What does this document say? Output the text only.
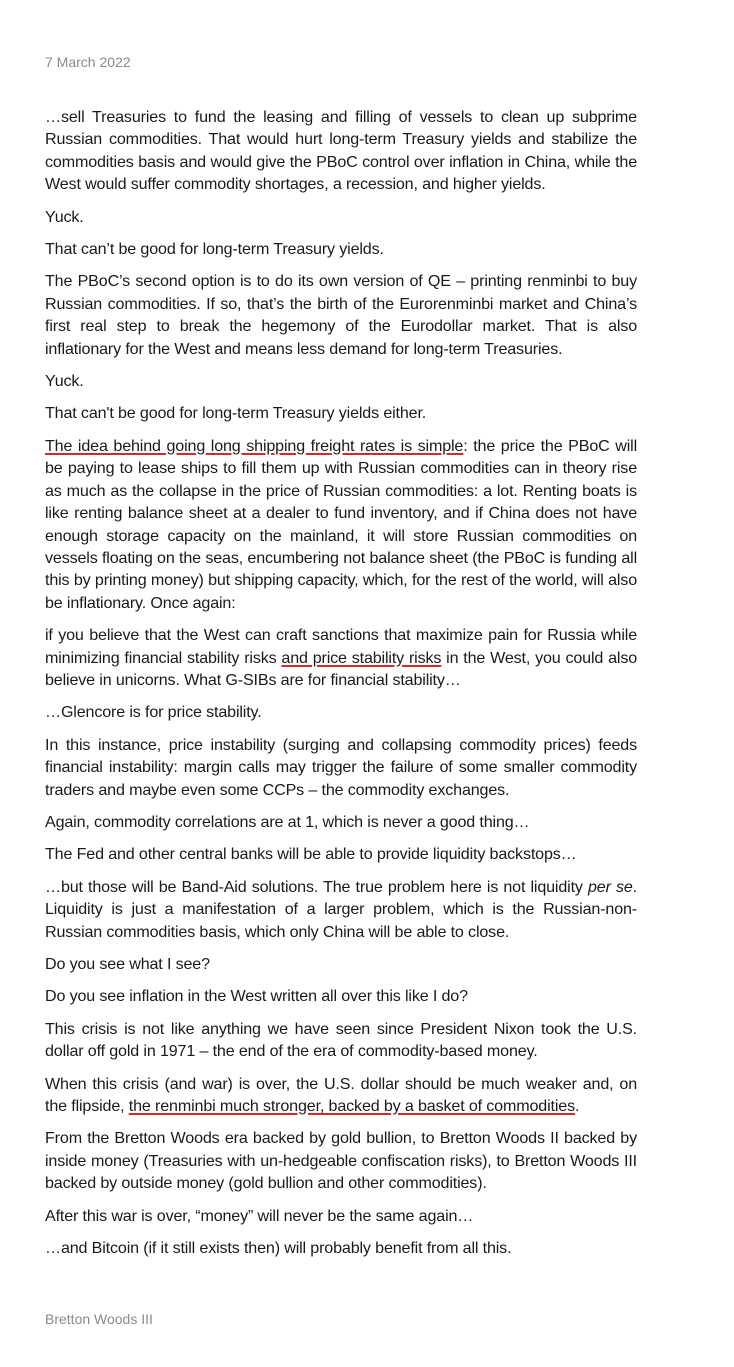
7 March 2022

…sell Treasuries to fund the leasing and filling of vessels to clean up subprime Russian commodities. That would hurt long-term Treasury yields and stabilize the commodities basis and would give the PBoC control over inflation in China, while the West would suffer commodity shortages, a recession, and higher yields.

Yuck.

That can’t be good for long-term Treasury yields.

The PBoC’s second option is to do its own version of QE – printing renminbi to buy Russian commodities. If so, that’s the birth of the Eurorenminbi market and China’s first real step to break the hegemony of the Eurodollar market. That is also inflationary for the West and means less demand for long-term Treasuries.

Yuck.

That can't be good for long-term Treasury yields either.

The idea behind going long shipping freight rates is simple: the price the PBoC will be paying to lease ships to fill them up with Russian commodities can in theory rise as much as the collapse in the price of Russian commodities: a lot. Renting boats is like renting balance sheet at a dealer to fund inventory, and if China does not have enough storage capacity on the mainland, it will store Russian commodities on vessels floating on the seas, encumbering not balance sheet (the PBoC is funding all this by printing money) but shipping capacity, which, for the rest of the world, will also be inflationary. Once again:

if you believe that the West can craft sanctions that maximize pain for Russia while minimizing financial stability risks and price stability risks in the West, you could also believe in unicorns. What G-SIBs are for financial stability…

…Glencore is for price stability.

In this instance, price instability (surging and collapsing commodity prices) feeds financial instability: margin calls may trigger the failure of some smaller commodity traders and maybe even some CCPs – the commodity exchanges.

Again, commodity correlations are at 1, which is never a good thing…

The Fed and other central banks will be able to provide liquidity backstops…

…but those will be Band-Aid solutions. The true problem here is not liquidity per se. Liquidity is just a manifestation of a larger problem, which is the Russian-non-Russian commodities basis, which only China will be able to close.

Do you see what I see?

Do you see inflation in the West written all over this like I do?

This crisis is not like anything we have seen since President Nixon took the U.S. dollar off gold in 1971 – the end of the era of commodity-based money.

When this crisis (and war) is over, the U.S. dollar should be much weaker and, on the flipside, the renminbi much stronger, backed by a basket of commodities.

From the Bretton Woods era backed by gold bullion, to Bretton Woods II backed by inside money (Treasuries with un-hedgeable confiscation risks), to Bretton Woods III backed by outside money (gold bullion and other commodities).

After this war is over, “money” will never be the same again…

…and Bitcoin (if it still exists then) will probably benefit from all this.

Bretton Woods III
